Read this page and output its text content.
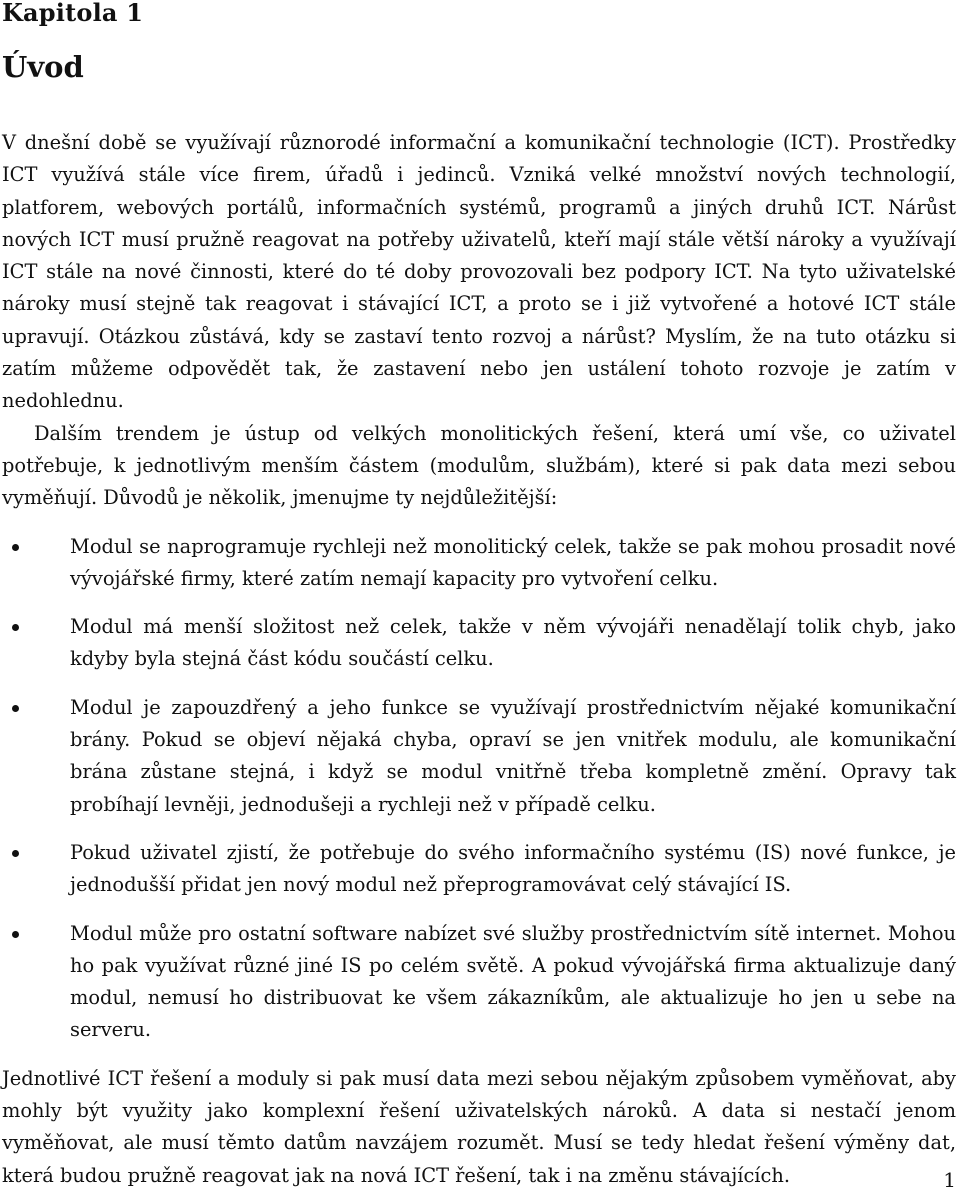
Kapitola 1
Úvod

V dnešní době se využívají různorodé informační a komunikační technologie (ICT). Prostředky ICT využívá stále více firem, úřadů i jedinců. Vzniká velké množství nových technologií, platforem, webových portálů, informačních systémů, programů a jiných druhů ICT. Nárůst nových ICT musí pružně reagovat na potřeby uživatelů, kteří mají stále větší nároky a využívají ICT stále na nové činnosti, které do té doby provozovali bez podpory ICT. Na tyto uživatelské nároky musí stejně tak reagovat i stávající ICT, a proto se i již vytvořené a hotové ICT stále upravují. Otázkou zůstává, kdy se zastaví tento rozvoj a nárůst? Myslím, že na tuto otázku si zatím můžeme odpovědět tak, že zastavení nebo jen ustálení tohoto rozvoje je zatím v nedohlednu.

Dalším trendem je ústup od velkých monolitických řešení, která umí vše, co uživatel potřebuje, k jednotlivým menším částem (modulům, službám), které si pak data mezi sebou vyměňují. Důvodů je několik, jmenujme ty nejdůležitější:

Modul se naprogramuje rychleji než monolitický celek, takže se pak mohou prosadit nové vývojářské firmy, které zatím nemají kapacity pro vytvoření celku.
Modul má menší složitost než celek, takže v něm vývojáři nenadělají tolik chyb, jako kdyby byla stejná část kódu součástí celku.
Modul je zapouzdřený a jeho funkce se využívají prostřednictvím nějaké komunikační brány. Pokud se objeví nějaká chyba, opraví se jen vnitřek modulu, ale komunikační brána zůstane stejná, i když se modul vnitřně třeba kompletně změní. Opravy tak probíhají levněji, jednodušeji a rychleji než v případě celku.
Pokud uživatel zjistí, že potřebuje do svého informačního systému (IS) nové funkce, je jednodušší přidat jen nový modul než přeprogramovávat celý stávající IS.
Modul může pro ostatní software nabízet své služby prostřednictvím sítě internet. Mohou ho pak využívat různé jiné IS po celém světě. A pokud vývojářská firma aktualizuje daný modul, nemusí ho distribuovat ke všem zákazníkům, ale aktualizuje ho jen u sebe na serveru.

Jednotlivé ICT řešení a moduly si pak musí data mezi sebou nějakým způsobem vyměňovat, aby mohly být využity jako komplexní řešení uživatelských nároků. A data si nestačí jenom vyměňovat, ale musí těmto datům navzájem rozumět. Musí se tedy hledat řešení výměny dat, která budou pružně reagovat jak na nová ICT řešení, tak i na změnu stávajících.	1
